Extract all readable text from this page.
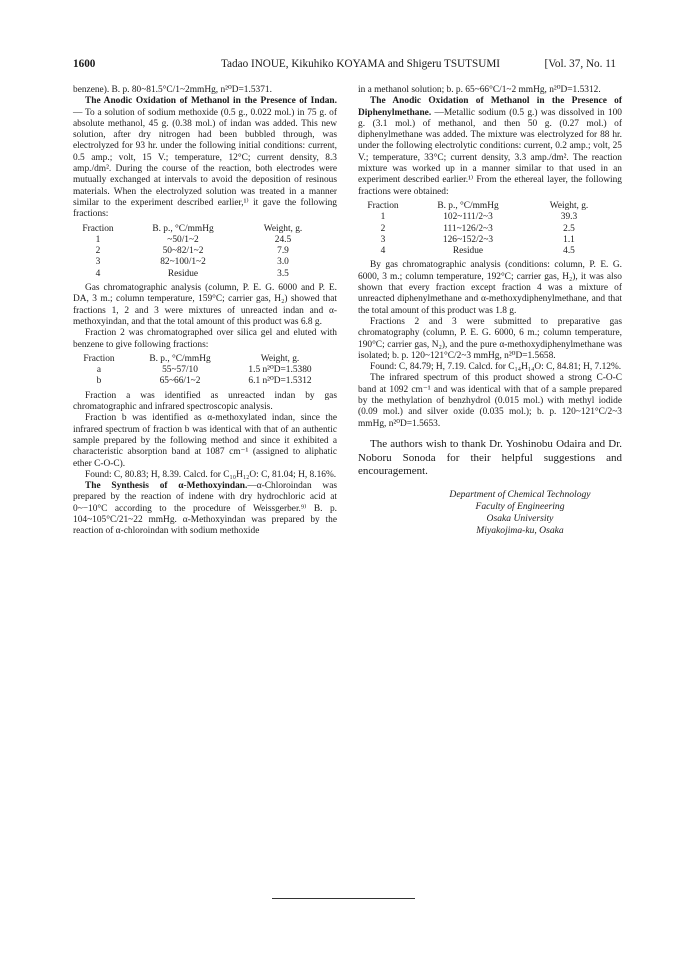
1600	Tadao INOUE, Kikuhiko KOYAMA and Shigeru TSUTSUMI	[Vol. 37, No. 11

benzene). B. p. 80~81.5°C/1~2mmHg, n²⁰D=1.5371.

The Anodic Oxidation of Methanol in the Presence of Indan. — To a solution of sodium methoxide (0.5 g., 0.022 mol.) in 75 g. of absolute methanol, 45 g. (0.38 mol.) of indan was added. This new solution, after dry nitrogen had been bubbled through, was electrolyzed for 93 hr. under the following initial conditions: current, 0.5 amp.; volt, 15 V.; temperature, 12°C; current density, 8.3 amp./dm². During the course of the reaction, both electrodes were mutually exchanged at intervals to avoid the deposition of resinous materials. When the electrolyzed solution was treated in a manner similar to the experiment described earlier,¹⁾ it gave the following fractions:

Fraction	B. p., °C/mmHg	Weight, g.
1	~50/1~2	24.5
2	50~82/1~2	7.9
3	82~100/1~2	3.0
4	Residue	3.5

Gas chromatographic analysis (column, P. E. G. 6000 and P. E. DA, 3 m.; column temperature, 159°C; carrier gas, H₂) showed that fractions 1, 2 and 3 were mixtures of unreacted indan and α-methoxyindan, and that the total amount of this product was 6.8 g.

Fraction 2 was chromatographed over silica gel and eluted with benzene to give following fractions:

Fraction	B. p., °C/mmHg	Weight, g.
a	55~57/10	1.5 n²⁰D=1.5380
b	65~66/1~2	6.1 n²⁰D=1.5312

Fraction a was identified as unreacted indan by gas chromatographic and infrared spectroscopic analysis.

Fraction b was identified as α-methoxylated indan, since the infrared spectrum of fraction b was identical with that of an authentic sample prepared by the following method and since it exhibited a characteristic absorption band at 1087 cm⁻¹ (assigned to aliphatic ether C-O-C).

Found: C, 80.83; H, 8.39. Calcd. for C₁₀H₁₂O: C, 81.04; H, 8.16%.

The Synthesis of α-Methoxyindan.—α-Chloroindan was prepared by the reaction of indene with dry hydrochloric acid at 0~−10°C according to the procedure of Weissgerber.⁹⁾ B. p. 104~105°C/21~22 mmHg. α-Methoxyindan was prepared by the reaction of α-chloroindan with sodium methoxide

in a methanol solution; b. p. 65~66°C/1~2 mmHg, n²⁰D=1.5312.

The Anodic Oxidation of Methanol in the Presence of Diphenylmethane. —Metallic sodium (0.5 g.) was dissolved in 100 g. (3.1 mol.) of methanol, and then 50 g. (0.27 mol.) of diphenylmethane was added. The mixture was electrolyzed for 88 hr. under the following electrolytic conditions: current, 0.2 amp.; volt, 25 V.; temperature, 33°C; current density, 3.3 amp./dm². The reaction mixture was worked up in a manner similar to that used in an experiment described earlier.¹⁾ From the ethereal layer, the following fractions were obtained:

Fraction	B. p., °C/mmHg	Weight, g.
1	102~111/2~3	39.3
2	111~126/2~3	2.5
3	126~152/2~3	1.1
4	Residue	4.5

By gas chromatographic analysis (conditions: column, P. E. G. 6000, 3 m.; column temperature, 192°C; carrier gas, H₂), it was also shown that every fraction except fraction 4 was a mixture of unreacted diphenylmethane and α-methoxydiphenylmethane, and that the total amount of this product was 1.8 g.

Fractions 2 and 3 were submitted to preparative gas chromatography (column, P. E. G. 6000, 6 m.; column temperature, 190°C; carrier gas, N₂), and the pure α-methoxydiphenylmethane was isolated; b. p. 120~121°C/2~3 mmHg, n²⁰D=1.5658.

Found: C, 84.79; H, 7.19. Calcd. for C₁₄H₁₄O: C, 84.81; H, 7.12%.

The infrared spectrum of this product showed a strong C-O-C band at 1092 cm⁻¹ and was identical with that of a sample prepared by the methylation of benzhydrol (0.015 mol.) with methyl iodide (0.09 mol.) and silver oxide (0.035 mol.); b. p. 120~121°C/2~3 mmHg, n²⁰D=1.5653.

The authors wish to thank Dr. Yoshinobu Odaira and Dr. Noboru Sonoda for their helpful suggestions and encouragement.

Department of Chemical Technology
Faculty of Engineering
Osaka University
Miyakojima-ku, Osaka
